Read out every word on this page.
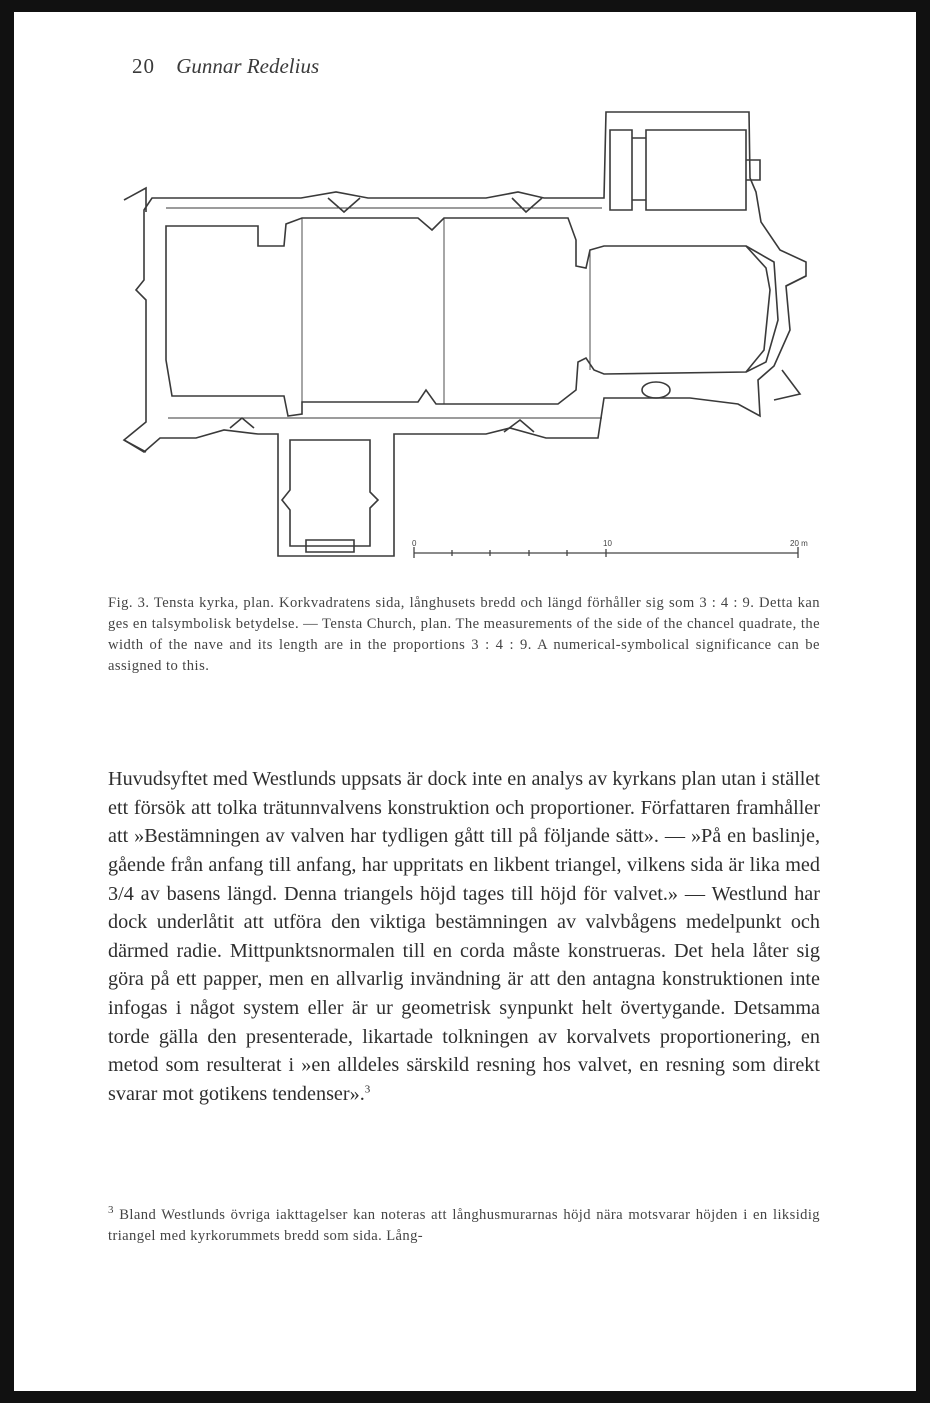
20 Gunnar Redelius
0	10	20 m

Fig. 3. Tensta kyrka, plan. Korkvadratens sida, långhusets bredd och längd förhåller sig som 3 : 4 : 9. Detta kan ges en talsymbolisk betydelse. — Tensta Church, plan. The measurements of the side of the chancel quadrate, the width of the nave and its length are in the proportions 3 : 4 : 9. A numerical-symbolical significance can be assigned to this.

Huvudsyftet med Westlunds uppsats är dock inte en analys av kyrkans plan utan i stället ett försök att tolka trätunnvalvens konstruktion och proportioner. Författaren framhåller att »Bestämningen av valven har tydligen gått till på följande sätt». — »På en baslinje, gående från anfang till anfang, har uppritats en likbent triangel, vilkens sida är lika med 3/4 av basens längd. Denna triangels höjd tages till höjd för valvet.» — Westlund har dock underlåtit att utföra den viktiga bestämningen av valvbågens medelpunkt och därmed radie. Mittpunktsnormalen till en corda måste konstrueras. Det hela låter sig göra på ett papper, men en allvarlig invändning är att den antagna konstruktionen inte infogas i något system eller är ur geometrisk synpunkt helt övertygande. Detsamma torde gälla den presenterade, likartade tolkningen av korvalvets proportionering, en metod som resulterat i »en alldeles särskild resning hos valvet, en resning som direkt svarar mot gotikens tendenser».$^3$

$^3$ Bland Westlunds övriga iakttagelser kan noteras att långhusmurarnas höjd nära motsvarar höjden i en liksidig triangel med kyrkorummets bredd som sida. Lång-
